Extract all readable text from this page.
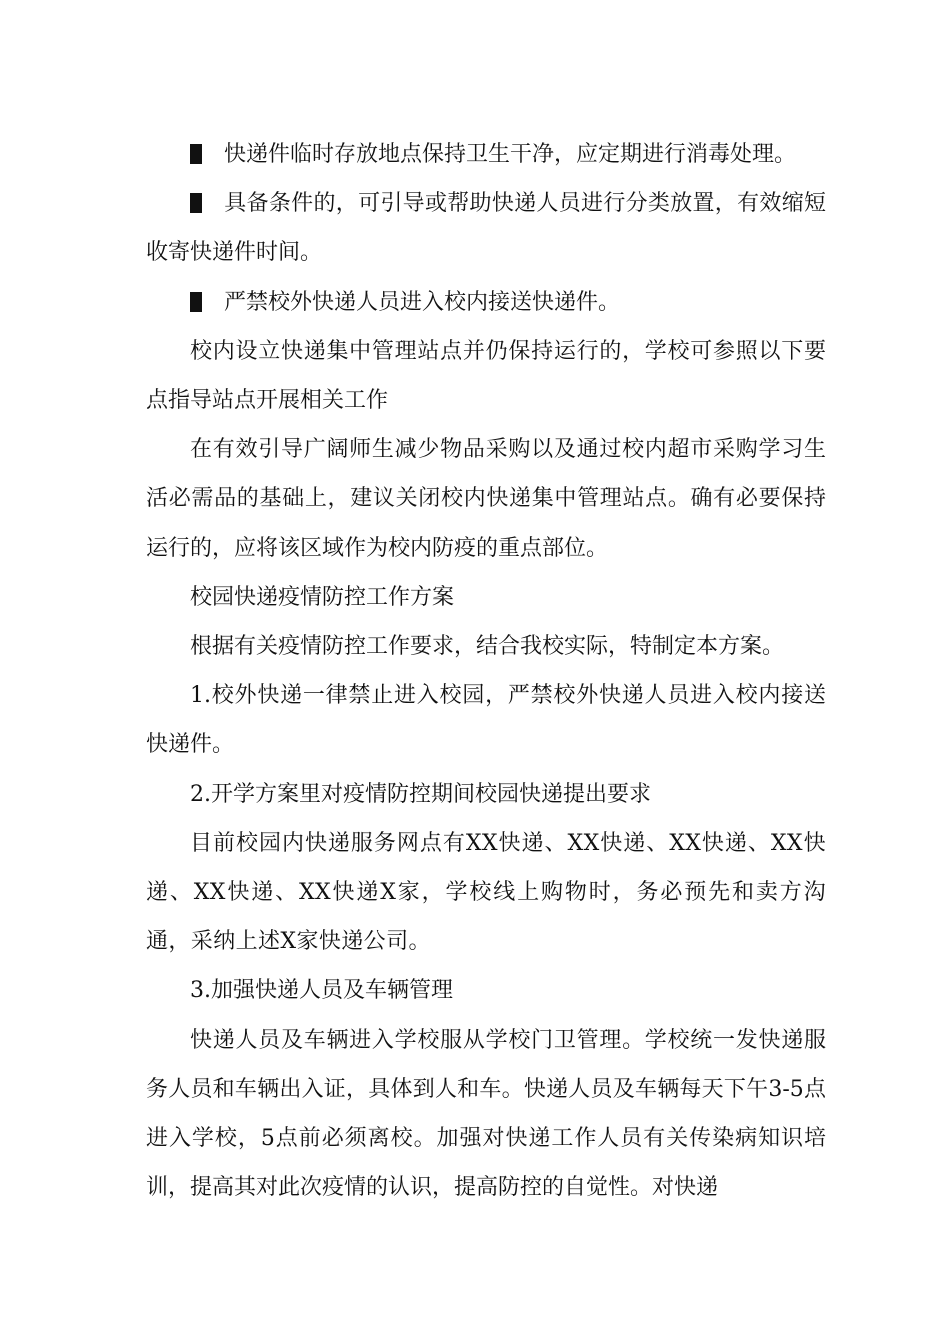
快递件临时存放地点保持卫生干净，应定期进行消毒处理。

具备条件的，可引导或帮助快递人员进行分类放置，有效缩短收寄快递件时间。

严禁校外快递人员进入校内接送快递件。

校内设立快递集中管理站点并仍保持运行的，学校可参照以下要点指导站点开展相关工作

在有效引导广阔师生减少物品采购以及通过校内超市采购学习生活必需品的基础上，建议关闭校内快递集中管理站点。确有必要保持运行的，应将该区域作为校内防疫的重点部位。

校园快递疫情防控工作方案

根据有关疫情防控工作要求，结合我校实际，特制定本方案。

1.校外快递一律禁止进入校园，严禁校外快递人员进入校内接送快递件。

2.开学方案里对疫情防控期间校园快递提出要求

目前校园内快递服务网点有XX快递、XX快递、XX快递、XX快递、XX快递、XX快递X家，学校线上购物时，务必预先和卖方沟通，采纳上述X家快递公司。

3.加强快递人员及车辆管理

快递人员及车辆进入学校服从学校门卫管理。学校统一发快递服务人员和车辆出入证，具体到人和车。快递人员及车辆每天下午3-5点进入学校，5点前必须离校。加强对快递工作人员有关传染病知识培训，提高其对此次疫情的认识，提高防控的自觉性。对快递
